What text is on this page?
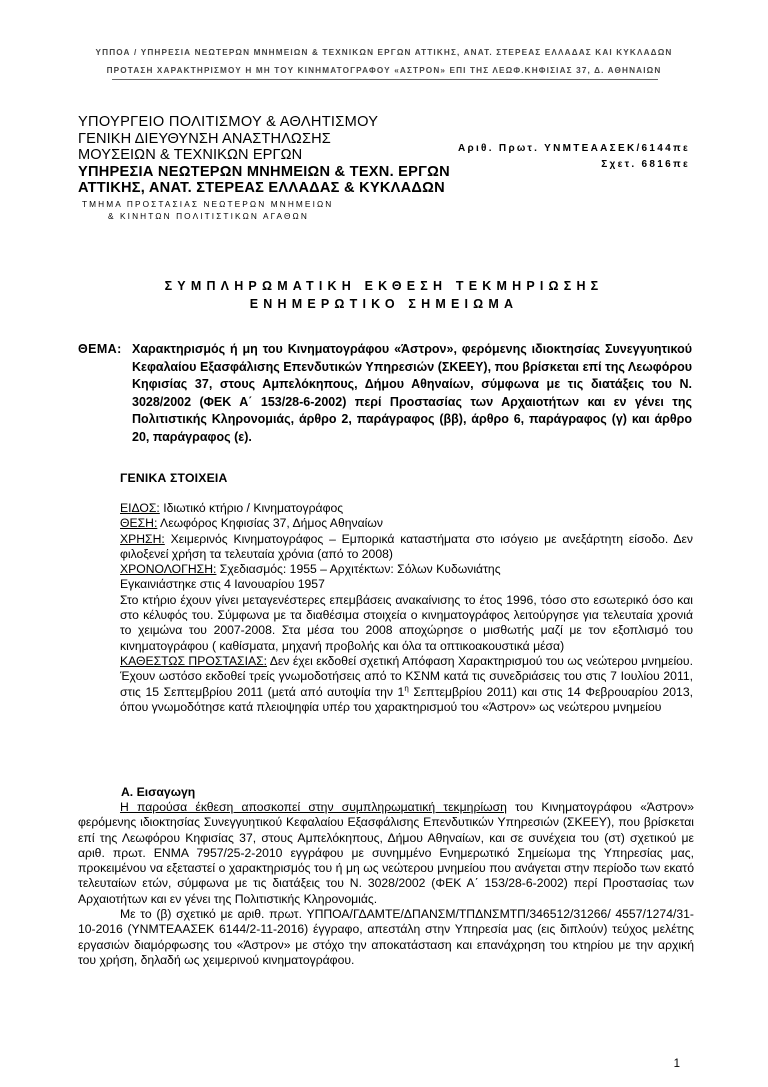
ΥΠΠΟΑ / ΥΠΗΡΕΣΙΑ ΝΕΩΤΕΡΩΝ ΜΝΗΜΕΙΩΝ & ΤΕΧΝΙΚΩΝ ΕΡΓΩΝ ΑΤΤΙΚΗΣ, ΑΝΑΤ. ΣΤΕΡΕΑΣ ΕΛΛΑΔΑΣ ΚΑΙ ΚΥΚΛΑΔΩΝ
ΠΡΟΤΑΣΗ ΧΑΡΑΚΤΗΡΙΣΜΟΥ Η ΜΗ ΤΟΥ ΚΙΝΗΜΑΤΟΓΡΑΦΟΥ «ΑΣΤΡΟΝ» ΕΠΙ ΤΗΣ ΛΕΩΦ.ΚΗΦΙΣΙΑΣ 37, Δ. ΑΘΗΝΑΙΩΝ
ΥΠΟΥΡΓΕΙΟ ΠΟΛΙΤΙΣΜΟΥ & ΑΘΛΗΤΙΣΜΟΥ
ΓΕΝΙΚΗ ΔΙΕΥΘΥΝΣΗ ΑΝΑΣΤΗΛΩΣΗΣ
ΜΟΥΣΕΙΩΝ & ΤΕΧΝΙΚΩΝ ΕΡΓΩΝ
ΥΠΗΡΕΣΙΑ ΝΕΩΤΕΡΩΝ ΜΝΗΜΕΙΩΝ & ΤΕΧΝ. ΕΡΓΩΝ
ΑΤΤΙΚΗΣ, ΑΝΑΤ. ΣΤΕΡΕΑΣ ΕΛΛΑΔΑΣ & ΚΥΚΛΑΔΩΝ
ΤΜΗΜΑ ΠΡΟΣΤΑΣΙΑΣ ΝΕΩΤΕΡΩΝ ΜΝΗΜΕΙΩΝ
& ΚΙΝΗΤΩΝ ΠΟΛΙΤΙΣΤΙΚΩΝ ΑΓΑΘΩΝ
Αριθ. Πρωτ. ΥΝΜΤΕΑΑΣΕΚ/6144πε
Σχετ. 6816πε
ΣΥΜΠΛΗΡΩΜΑΤΙΚΗ ΕΚΘΕΣΗ ΤΕΚΜΗΡΙΩΣΗΣ
ΕΝΗΜΕΡΩΤΙΚΟ ΣΗΜΕΙΩΜΑ
ΘΕΜΑ: Χαρακτηρισμός ή μη του Κινηματογράφου «Άστρον», φερόμενης ιδιοκτησίας Συνεγγυητικού Κεφαλαίου Εξασφάλισης Επενδυτικών Υπηρεσιών (ΣΚΕΕΥ), που βρίσκεται επί της Λεωφόρου Κηφισίας 37, στους Αμπελόκηπους, Δήμου Αθηναίων, σύμφωνα με τις διατάξεις του Ν. 3028/2002 (ΦΕΚ Α΄ 153/28-6-2002) περί Προστασίας των Αρχαιοτήτων και εν γένει της Πολιτιστικής Κληρονομιάς, άρθρο 2, παράγραφος (ββ), άρθρο 6, παράγραφος (γ) και άρθρο 20, παράγραφος (ε).
ΓΕΝΙΚΑ ΣΤΟΙΧΕΙΑ

ΕΙΔΟΣ: Ιδιωτικό κτήριο / Κινηματογράφος

ΘΕΣΗ: Λεωφόρος Κηφισίας 37, Δήμος Αθηναίων

ΧΡΗΣΗ: Χειμερινός Κινηματογράφος – Εμπορικά καταστήματα στο ισόγειο με ανεξάρτητη είσοδο. Δεν φιλοξενεί χρήση τα τελευταία χρόνια (από το 2008)

ΧΡΟΝΟΛΟΓΗΣΗ: Σχεδιασμός: 1955 – Αρχιτέκτων: Σόλων Κυδωνιάτης

Εγκαινιάστηκε στις 4 Ιανουαρίου 1957

Στο κτήριο έχουν γίνει μεταγενέστερες επεμβάσεις ανακαίνισης το έτος 1996, τόσο στο εσωτερικό όσο και στο κέλυφός του. Σύμφωνα με τα διαθέσιμα στοιχεία ο κινηματογράφος λειτούργησε για τελευταία χρονιά το χειμώνα του 2007-2008. Στα μέσα του 2008 αποχώρησε ο μισθωτής μαζί με τον εξοπλισμό του κινηματογράφου ( καθίσματα, μηχανή προβολής και όλα τα οπτικοακουστικά μέσα)

ΚΑΘΕΣΤΩΣ ΠΡΟΣΤΑΣΙΑΣ: Δεν έχει εκδοθεί σχετική Απόφαση Χαρακτηρισμού του ως νεώτερου μνημείου. Έχουν ωστόσο εκδοθεί τρείς γνωμοδοτήσεις από το ΚΣΝΜ κατά τις συνεδριάσεις του στις 7 Ιουλίου 2011, στις 15 Σεπτεμβρίου 2011 (μετά από αυτοψία την $1^\eta$ Σεπτεμβρίου 2011) και στις 14 Φεβρουαρίου 2013, όπου γνωμοδότησε κατά πλειοψηφία υπέρ του χαρακτηρισμού του «Άστρον» ως νεώτερου μνημείου

Α. Εισαγωγη

Η παρούσα έκθεση αποσκοπεί στην συμπληρωματική τεκμηρίωση του Κινηματογράφου «Άστρον» φερόμενης ιδιοκτησίας Συνεγγυητικού Κεφαλαίου Εξασφάλισης Επενδυτικών Υπηρεσιών (ΣΚΕΕΥ), που βρίσκεται επί της Λεωφόρου Κηφισίας 37, στους Αμπελόκηπους, Δήμου Αθηναίων, και σε συνέχεια του (στ) σχετικού με αριθ. πρωτ. ΕΝΜΑ 7957/25-2-2010 εγγράφου με συνημμένο Ενημερωτικό Σημείωμα της Υπηρεσίας μας, προκειμένου να εξεταστεί ο χαρακτηρισμός του ή μη ως νεώτερου μνημείου που ανάγεται στην περίοδο των εκατό τελευταίων ετών, σύμφωνα με τις διατάξεις του Ν. 3028/2002 (ΦΕΚ Α΄ 153/28-6-2002) περί Προστασίας των Αρχαιοτήτων και εν γένει της Πολιτιστικής Κληρονομιάς.

Με το (β) σχετικό με αριθ. πρωτ. ΥΠΠΟΑ/ΓΔΑΜΤΕ/ΔΠΑΝΣΜ/ΤΠΔΝΣΜΤΠ/346512/31266/ 4557/1274/31-10-2016 (ΥΝΜΤΕΑΑΣΕΚ 6144/2-11-2016) έγγραφο, απεστάλη στην Υπηρεσία μας (εις διπλούν) τεύχος μελέτης εργασιών διαμόρφωσης του «Άστρον» με στόχο την αποκατάσταση και επανάχρηση του κτηρίου με την αρχική του χρήση, δηλαδή ως χειμερινού κινηματογράφου.

1
